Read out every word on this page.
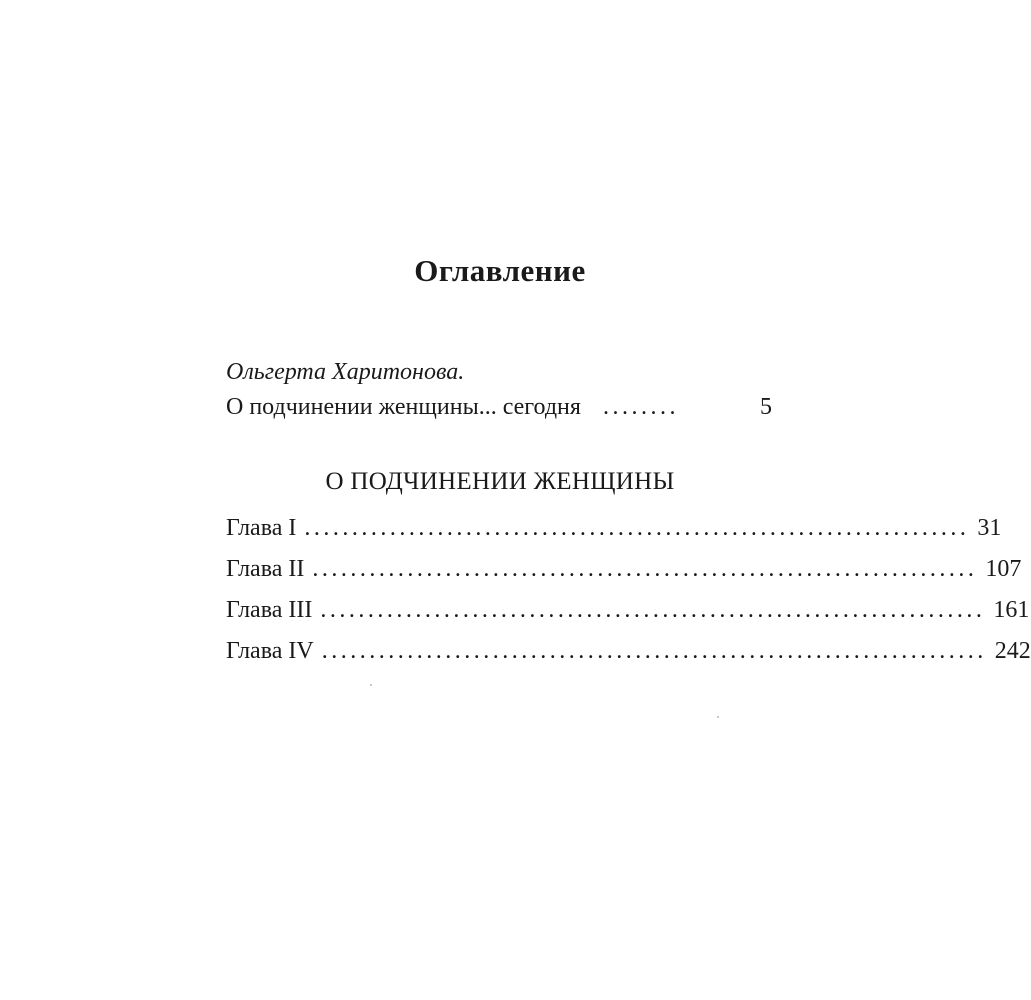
Оглавление
Ольгерта Харитонова.
О подчинении женщины... сегодня ........	5
О ПОДЧИНЕНИИ ЖЕНЩИНЫ
Глава I ...................................................................... 31
Глава II ...................................................................... 107
Глава III ...................................................................... 161
Глава IV ...................................................................... 242
